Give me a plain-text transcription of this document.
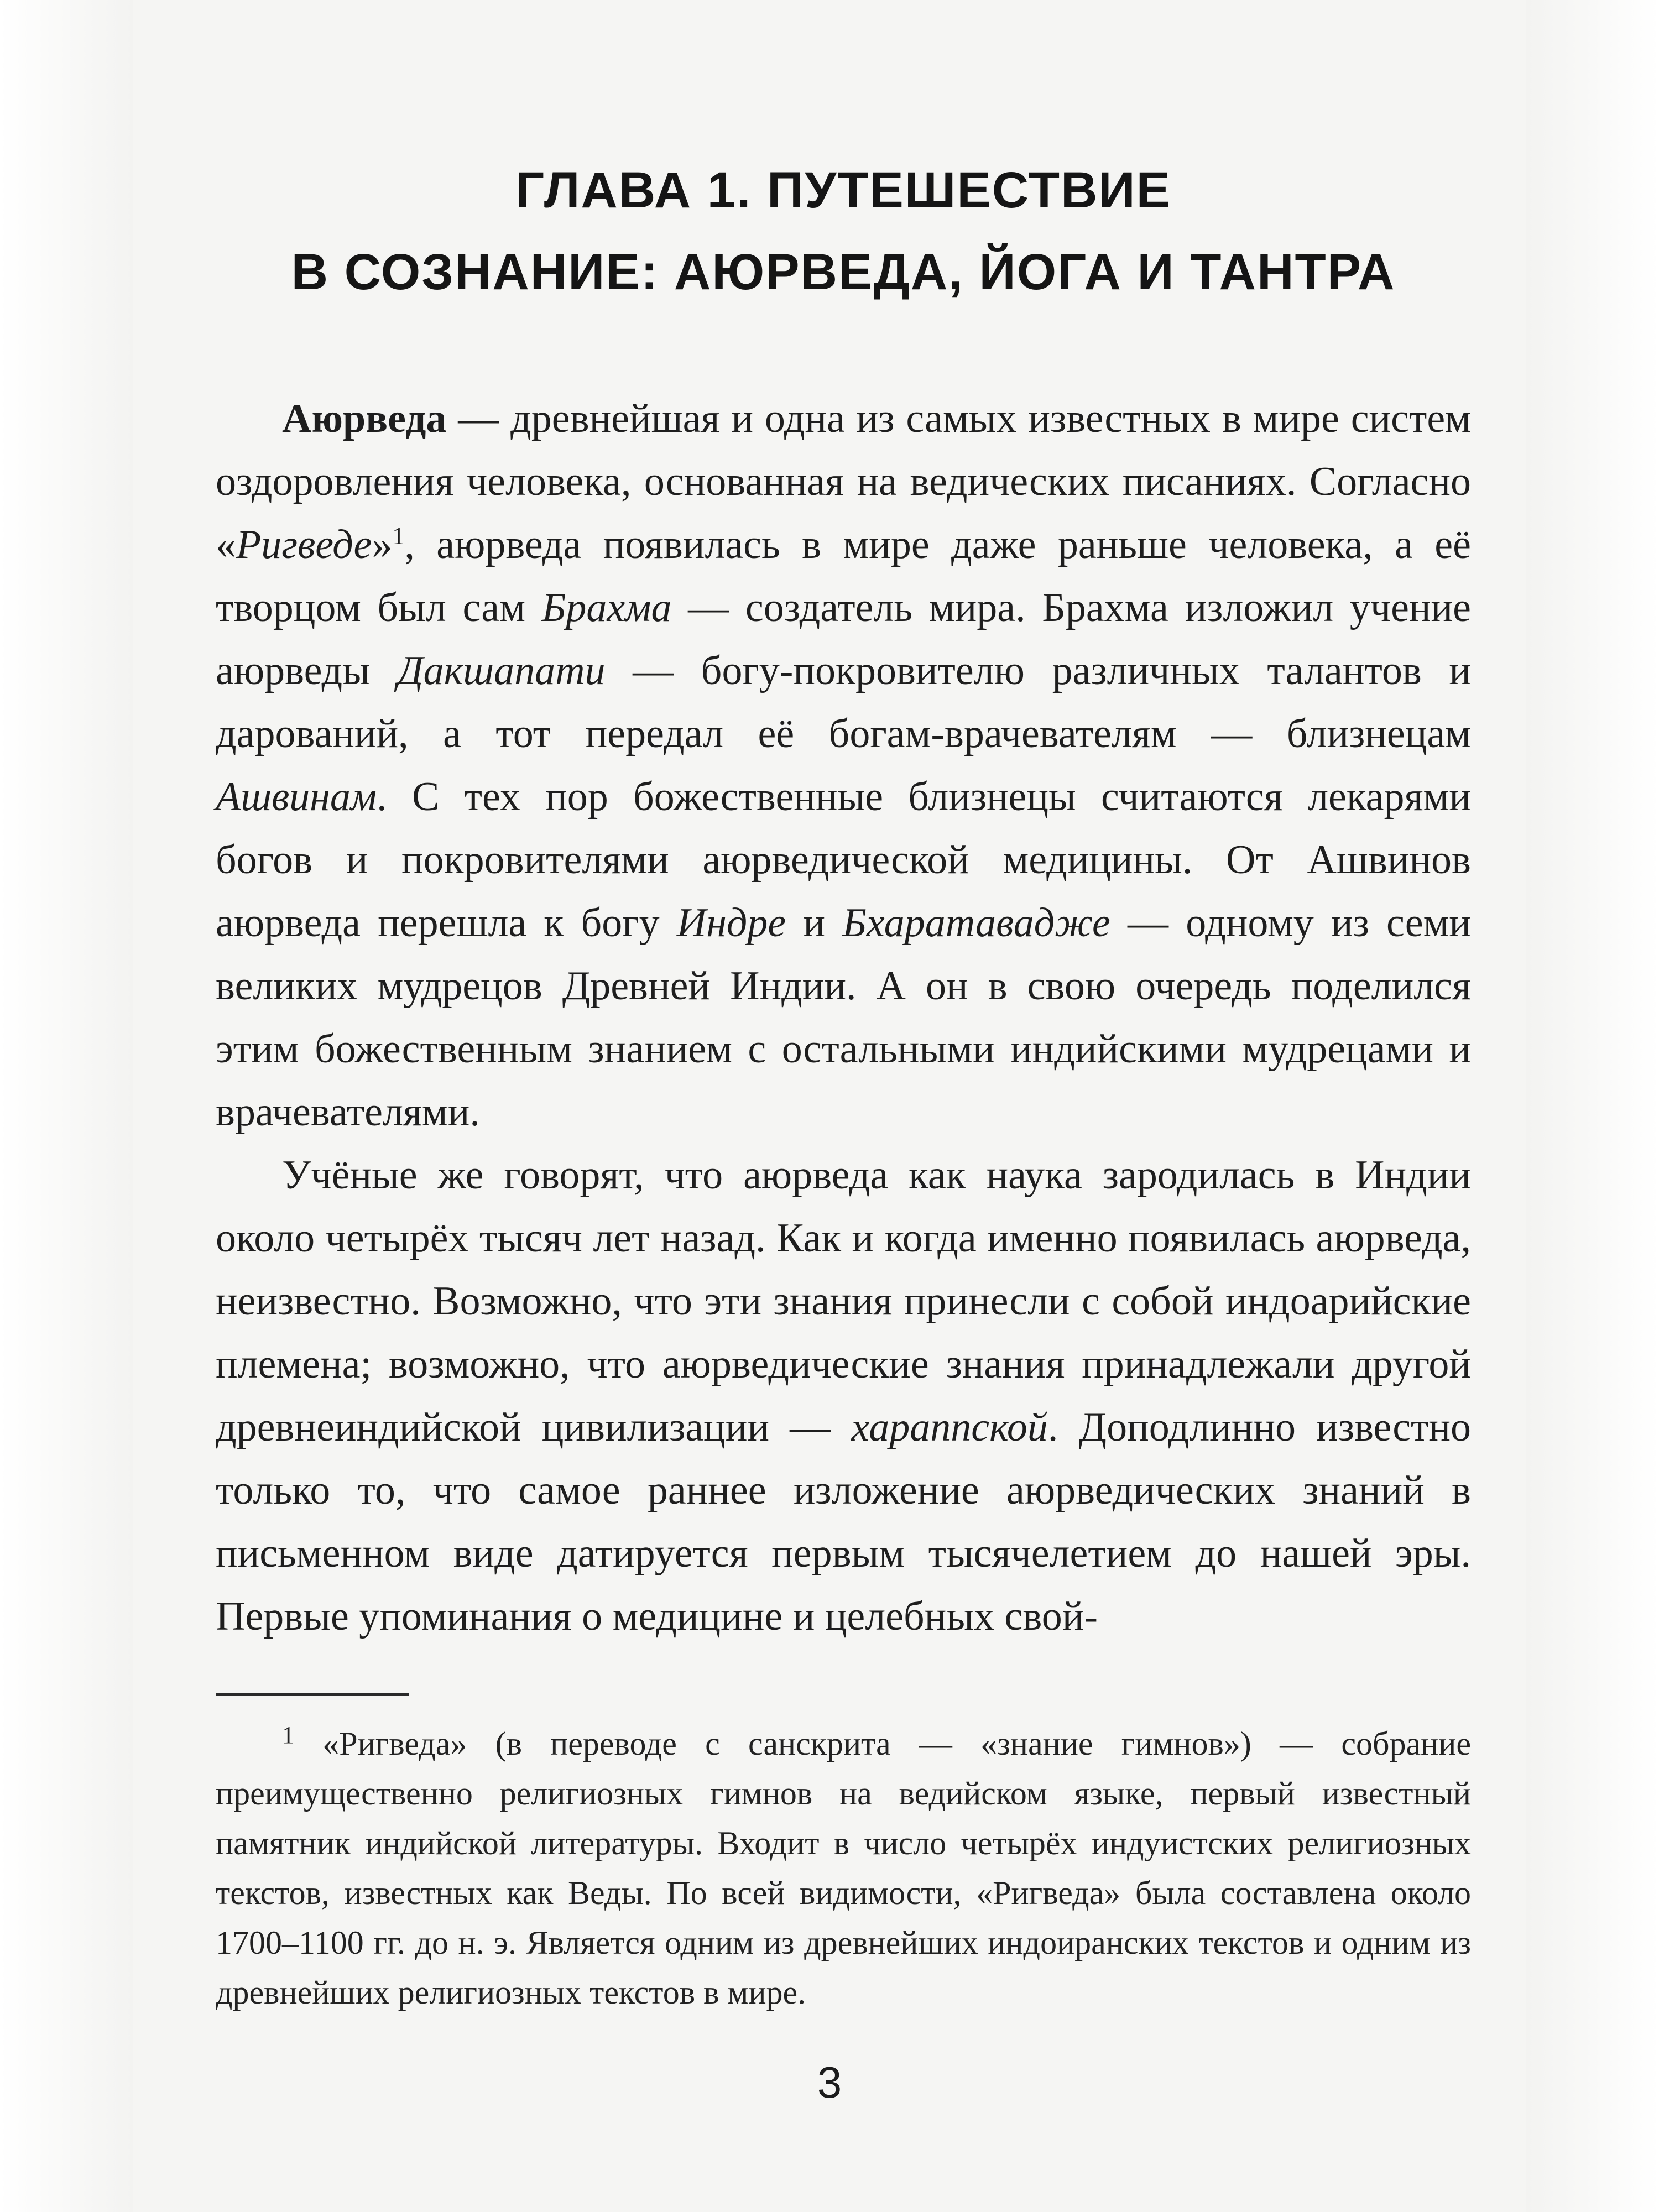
ГЛАВА 1. ПУТЕШЕСТВИЕ
В СОЗНАНИЕ: АЮРВЕДА, ЙОГА И ТАНТРА

Аюрведа — древнейшая и одна из самых известных в мире систем оздоровления человека, основанная на ведических писаниях. Согласно «Ригведе»$^1$, аюрведа появилась в мире даже раньше человека, а её творцом был сам Брахма — создатель мира. Брахма изложил учение аюрведы Дакшапати — богу-покровителю различных талантов и дарований, а тот передал её богам-врачевателям — близнецам Ашвинам. С тех пор божественные близнецы считаются лекарями богов и покровителями аюрведической медицины. От Ашвинов аюрведа перешла к богу Индре и Бхаратавадже — одному из семи великих мудрецов Древней Индии. А он в свою очередь поделился этим божественным знанием с остальными индийскими мудрецами и врачевателями.

Учёные же говорят, что аюрведа как наука зародилась в Индии около четырёх тысяч лет назад. Как и когда именно появилась аюрведа, неизвестно. Возможно, что эти знания принесли с собой индоарийские племена; возможно, что аюрведические знания принадлежали другой древнеиндийской цивилизации — хараппской. Доподлинно известно только то, что самое раннее изложение аюрведических знаний в письменном виде датируется первым тысячелетием до нашей эры. Первые упоминания о медицине и целебных свой-

$^1$ «Ригведа» (в переводе с санскрита — «знание гимнов») — собрание преимущественно религиозных гимнов на ведийском языке, первый известный памятник индийской литературы. Входит в число четырёх индуистских религиозных текстов, известных как Веды. По всей видимости, «Ригведа» была составлена около 1700–1100 гг. до н. э. Является одним из древнейших индоиранских текстов и одним из древнейших религиозных текстов в мире.

3
